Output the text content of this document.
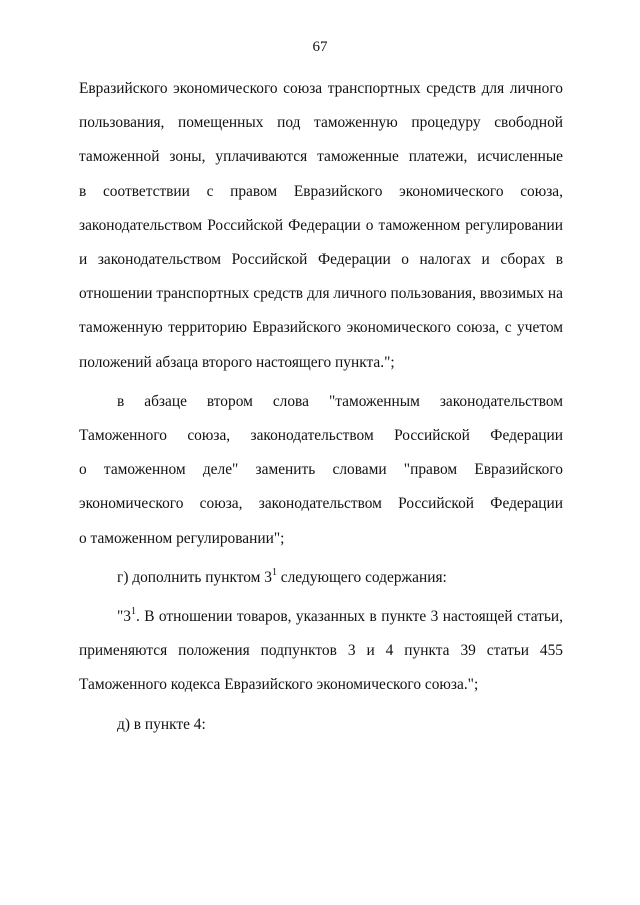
67
Евразийского экономического союза транспортных средств для личного
пользования, помещенных под таможенную процедуру свободной
таможенной зоны, уплачиваются таможенные платежи, исчисленные
в соответствии с правом Евразийского экономического союза,
законодательством Российской Федерации о таможенном регулировании
и законодательством Российской Федерации о налогах и сборах в
отношении транспортных средств для личного пользования, ввозимых на
таможенную территорию Евразийского экономического союза, с учетом
положений абзаца второго настоящего пункта.";
в абзаце втором слова "таможенным законодательством
Таможенного союза, законодательством Российской Федерации
о таможенном деле" заменить словами "правом Евразийского
экономического союза, законодательством Российской Федерации
о таможенном регулировании";
г) дополнить пунктом $3^1$ следующего содержания:
"$3^1$. В отношении товаров, указанных в пункте 3 настоящей статьи,
применяются положения подпунктов 3 и 4 пункта 39 статьи 455
Таможенного кодекса Евразийского экономического союза.";
д) в пункте 4:
